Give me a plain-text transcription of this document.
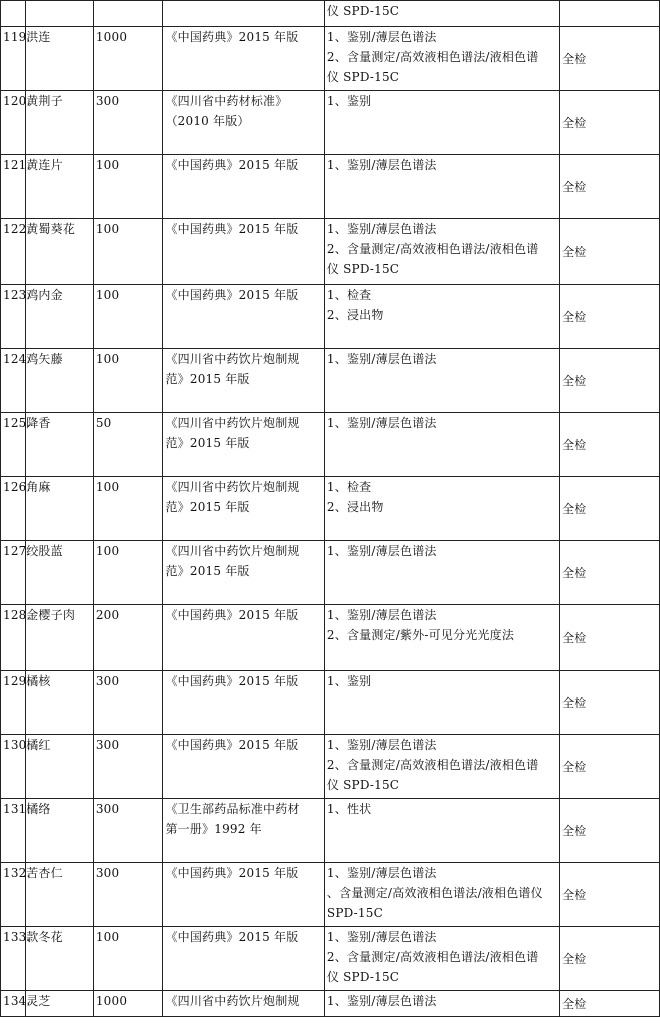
				仪 SPD-15C	

119.	洪连	1000	《中国药典》2015 年版	1、鉴别/薄层色谱法
2、含量测定/高效液相色谱法/液相色谱
仪 SPD-15C	全检
120.	黄荆子	300	《四川省中药材标准》
（2010 年版）	1、鉴别	全检
121.	黄连片	100	《中国药典》2015 年版	1、鉴别/薄层色谱法	全检
122.	黄蜀葵花	100	《中国药典》2015 年版	1、鉴别/薄层色谱法
2、含量测定/高效液相色谱法/液相色谱
仪 SPD-15C	全检
123.	鸡内金	100	《中国药典》2015 年版	1、检查
2、浸出物	全检
124.	鸡矢藤	100	《四川省中药饮片炮制规
范》2015 年版	1、鉴别/薄层色谱法	全检
125.	降香	50	《四川省中药饮片炮制规
范》2015 年版	1、鉴别/薄层色谱法	全检
126.	角麻	100	《四川省中药饮片炮制规
范》2015 年版	1、检查
2、浸出物	全检
127.	绞股蓝	100	《四川省中药饮片炮制规
范》2015 年版	1、鉴别/薄层色谱法	全检
128.	金樱子肉	200	《中国药典》2015 年版	1、鉴别/薄层色谱法
2、含量测定/紫外-可见分光光度法	全检
129.	橘核	300	《中国药典》2015 年版	1、鉴别	全检
130.	橘红	300	《中国药典》2015 年版	1、鉴别/薄层色谱法
2、含量测定/高效液相色谱法/液相色谱
仪 SPD-15C	全检
131.	橘络	300	《卫生部药品标准中药材
第一册》1992 年	1、性状	全检
132.	苦杏仁	300	《中国药典》2015 年版	1、鉴别/薄层色谱法
、含量测定/高效液相色谱法/液相色谱仪
SPD-15C	全检
133.	款冬花	100	《中国药典》2015 年版	1、鉴别/薄层色谱法
2、含量测定/高效液相色谱法/液相色谱
仪 SPD-15C	全检
134.	灵芝	1000	《四川省中药饮片炮制规	1、鉴别/薄层色谱法	全检
